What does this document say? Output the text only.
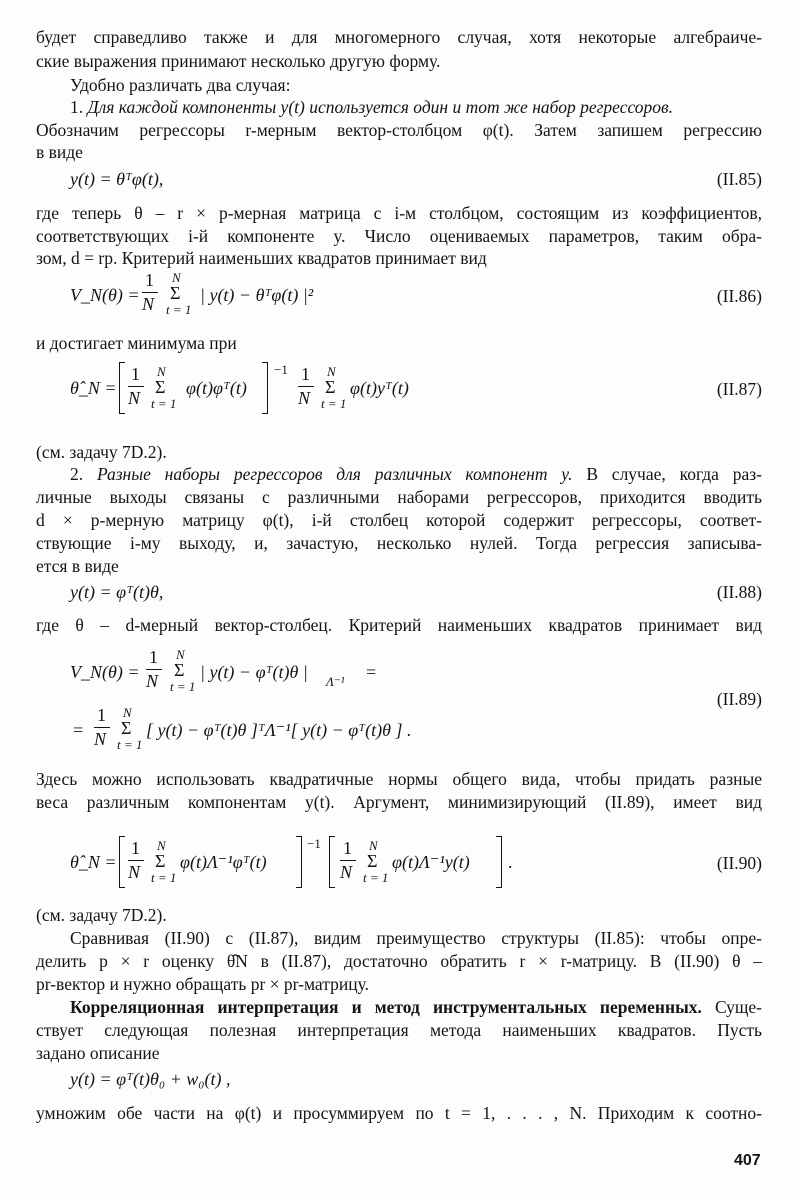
будет справедливо также и для многомерного случая, хотя некоторые алгебраиче-
ские выражения принимают несколько другую форму.
Удобно различать два случая:
1. Для каждой компоненты y(t) используется один и тот же набор регрессоров.
Обозначим регрессоры r-мерным вектор-столбцом φ(t). Затем запишем регрессию
в виде
y(t) = θᵀφ(t),	(II.85)
где теперь θ – r × p-мерная матрица с i-м столбцом, состоящим из коэффициентов,
соответствующих i-й компоненте y. Число оцениваемых параметров, таким обра-
зом, d = rp. Критерий наименьших квадратов принимает вид
V_N(θ) =
1
N
N
Σ
t = 1
| y(t) − θᵀφ(t) |²	(II.86)
и достигает минимума при
θ̂_N =
1
N
N
Σ
t = 1
φ(t)φᵀ(t)
−1 1
N
N
Σ
t = 1
φ(t)yᵀ(t)	(II.87)
(см. задачу 7D.2).
2. Разные наборы регрессоров для различных компонент y. В случае, когда раз-
личные выходы связаны с различными наборами регрессоров, приходится вводить
d × p-мерную матрицу φ(t), i-й столбец которой содержит регрессоры, соответ-
ствующие i-му выходу, и, зачастую, несколько нулей. Тогда регрессия записыва-
ется в виде
y(t) = φᵀ(t)θ,	(II.88)
где θ – d-мерный вектор-столбец. Критерий наименьших квадратов принимает вид
V_N(θ) =
1
N
N
Σ
t = 1
| y(t) − φᵀ(t)θ | Λ⁻¹ =
=
1
N
N
Σ
t = 1
[ y(t) − φᵀ(t)θ ]ᵀΛ⁻¹[ y(t) − φᵀ(t)θ ] .
(II.89)
Здесь можно использовать квадратичные нормы общего вида, чтобы придать разные
веса различным компонентам y(t). Аргумент, минимизирующий (II.89), имеет вид
θ̂_N =
1
N
N
Σ
t = 1
φ(t)Λ⁻¹φᵀ(t)
−1 1
N
N
Σ
t = 1
φ(t)Λ⁻¹y(t) .	(II.90)
(см. задачу 7D.2).
Сравнивая (II.90) с (II.87), видим преимущество структуры (II.85): чтобы опре-
делить p × r оценку θ̂N в (II.87), достаточно обратить r × r-матрицу. В (II.90) θ –
pr-вектор и нужно обращать pr × pr-матрицу.
Корреляционная интерпретация и метод инструментальных переменных. Суще-
ствует следующая полезная интерпретация метода наименьших квадратов. Пусть
задано описание
y(t) = φᵀ(t)θ₀ + w₀(t) ,
умножим обе части на φ(t) и просуммируем по t = 1, . . . , N. Приходим к соотно-
407
